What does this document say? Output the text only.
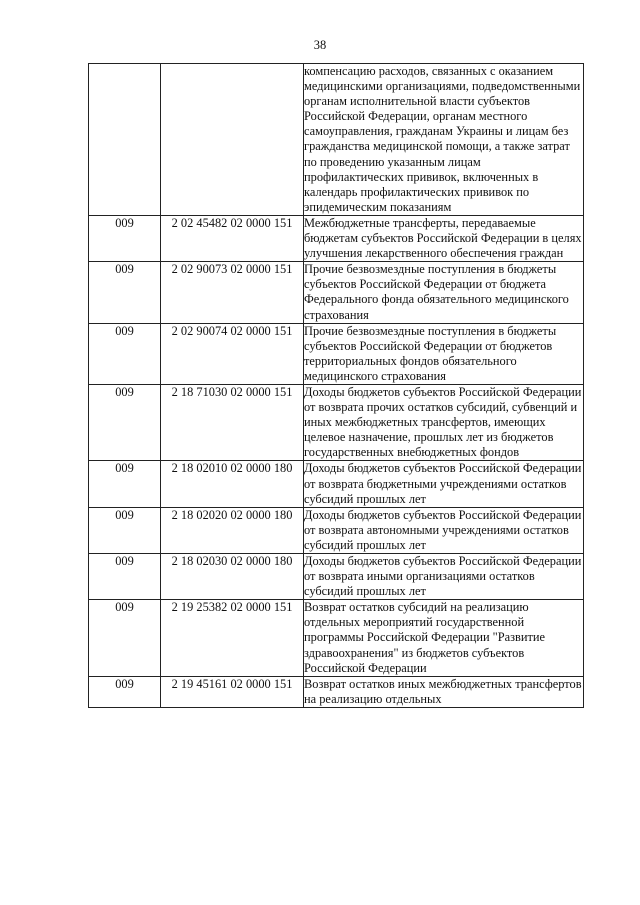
38

		компенсацию расходов, связанных с оказанием медицинскими организациями, подведомственными органам исполнительной власти субъектов Российской Федерации, органам местного самоуправления, гражданам Украины и лицам без гражданства медицинской помощи, а также затрат по проведению указанным лицам профилактических прививок, включенных в календарь профилактических прививок по эпидемическим показаниям

009	2 02 45482 02 0000 151	Межбюджетные трансферты, передаваемые бюджетам субъектов Российской Федерации в целях улучшения лекарственного обеспечения граждан

009	2 02 90073 02 0000 151	Прочие безвозмездные поступления в бюджеты субъектов Российской Федерации от бюджета Федерального фонда обязательного медицинского страхования

009	2 02 90074 02 0000 151	Прочие безвозмездные поступления в бюджеты субъектов Российской Федерации от бюджетов территориальных фондов обязательного медицинского страхования

009	2 18 71030 02 0000 151	Доходы бюджетов субъектов Российской Федерации от возврата прочих остатков субсидий, субвенций и иных межбюджетных трансфертов, имеющих целевое назначение, прошлых лет из бюджетов государственных внебюджетных фондов

009	2 18 02010 02 0000 180	Доходы бюджетов субъектов Российской Федерации от возврата бюджетными учреждениями остатков субсидий прошлых лет

009	2 18 02020 02 0000 180	Доходы бюджетов субъектов Российской Федерации от возврата автономными учреждениями остатков субсидий прошлых лет

009	2 18 02030 02 0000 180	Доходы бюджетов субъектов Российской Федерации от возврата иными организациями остатков субсидий прошлых лет

009	2 19 25382 02 0000 151	Возврат остатков субсидий на реализацию отдельных мероприятий государственной программы Российской Федерации "Развитие здравоохранения" из бюджетов субъектов Российской Федерации

009	2 19 45161 02 0000 151	Возврат остатков иных межбюджетных трансфертов на реализацию отдельных
